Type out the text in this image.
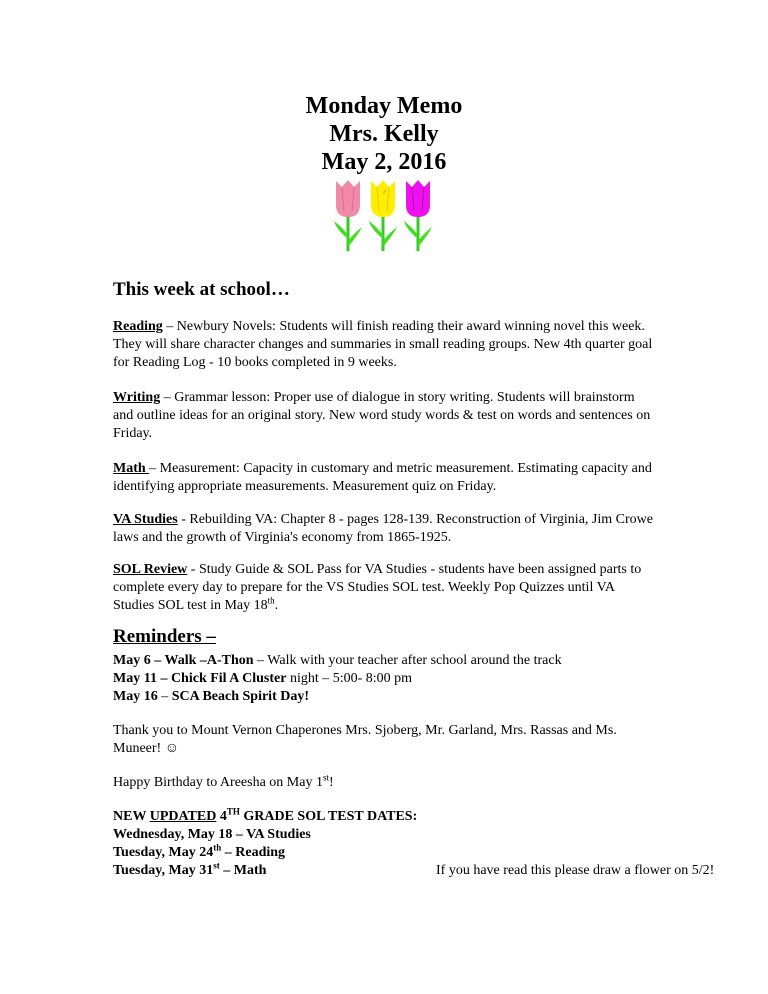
Monday Memo
Mrs. Kelly
May 2, 2016
This week at school…
Reading – Newbury Novels: Students will finish reading their award winning novel this week. They will share character changes and summaries in small reading groups. New 4th quarter goal for Reading Log - 10 books completed in 9 weeks.
Writing – Grammar lesson: Proper use of dialogue in story writing. Students will brainstorm and outline ideas for an original story. New word study words & test on words and sentences on Friday.
Math – Measurement: Capacity in customary and metric measurement. Estimating capacity and identifying appropriate measurements. Measurement quiz on Friday.
VA Studies - Rebuilding VA: Chapter 8 - pages 128-139. Reconstruction of Virginia, Jim Crowe laws and the growth of Virginia's economy from 1865-1925.
SOL Review - Study Guide & SOL Pass for VA Studies - students have been assigned parts to complete every day to prepare for the VS Studies SOL test. Weekly Pop Quizzes until VA Studies SOL test in May 18th.
Reminders –
May 6 – Walk –A-Thon – Walk with your teacher after school around the track
May 11 – Chick Fil A Cluster night – 5:00- 8:00 pm
May 16 – SCA Beach Spirit Day!
Thank you to Mount Vernon Chaperones Mrs. Sjoberg, Mr. Garland, Mrs. Rassas and Ms. Muneer! ☺
Happy Birthday to Areesha on May 1st!
NEW UPDATED 4TH GRADE SOL TEST DATES:
Wednesday, May 18 – VA Studies
Tuesday, May 24th – Reading
Tuesday, May 31st – Math	If you have read this please draw a flower on 5/2!
